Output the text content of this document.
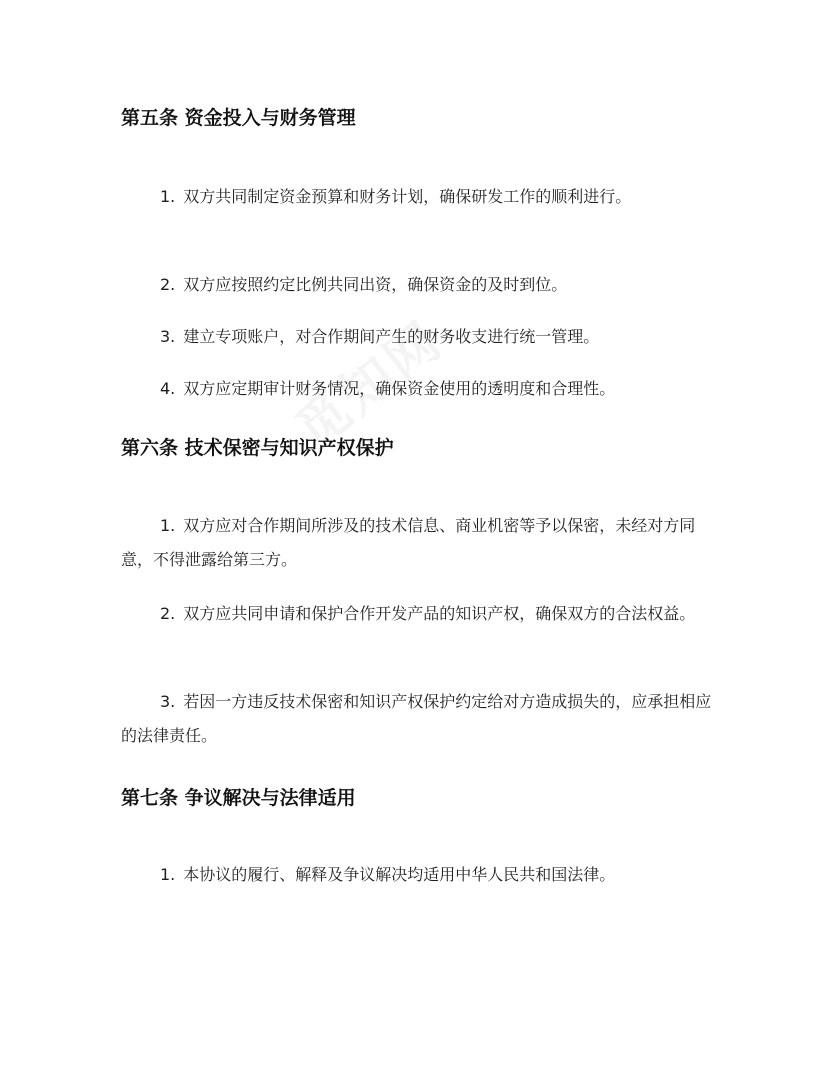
第五条 资金投入与财务管理

1. 双方共同制定资金预算和财务计划，确保研发工作的顺利进行。

2. 双方应按照约定比例共同出资，确保资金的及时到位。

3. 建立专项账户，对合作期间产生的财务收支进行统一管理。

4. 双方应定期审计财务情况，确保资金使用的透明度和合理性。

第六条 技术保密与知识产权保护

1. 双方应对合作期间所涉及的技术信息、商业机密等予以保密，未经对方同意，不得泄露给第三方。

2. 双方应共同申请和保护合作开发产品的知识产权，确保双方的合法权益。

3. 若因一方违反技术保密和知识产权保护约定给对方造成损失的，应承担相应的法律责任。

第七条 争议解决与法律适用

1. 本协议的履行、解释及争议解决均适用中华人民共和国法律。
